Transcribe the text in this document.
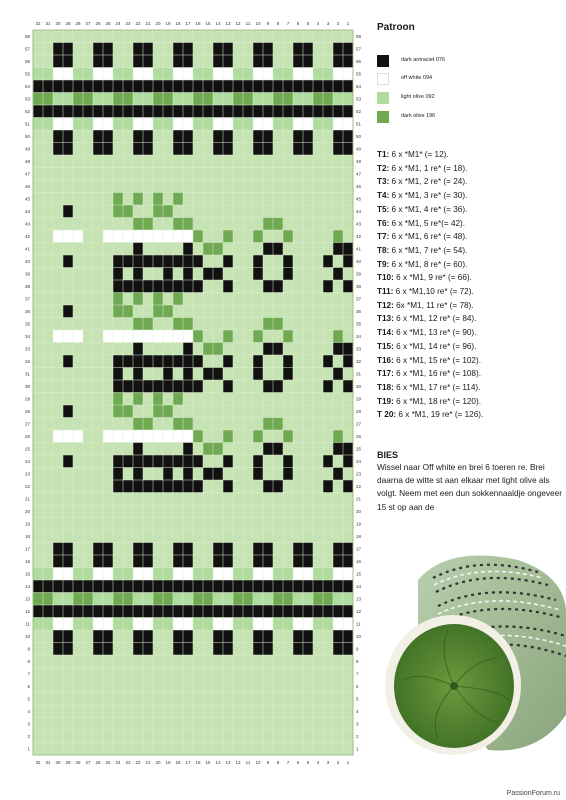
1
1
2
2
3
3
4
4
5
5
6
6
7
7
8
8
9
9
10
10
11
11
12
12
13
13
14
14
15
15
16
16
17
17
18
18
19
19
20
20
21
21
22
22
23
23
24
24
25
25
26
26
27
27
28
28
29
29
30
30
31
31
32
32
1	1
2	2
3	3
4	4
5	5
6	6
7	7
8	8
9	9
10	10
11	11
12	12
13	13
14	14
15	15
16	16
17	17
18	18
19	19
20	20
21	21
22	22
23	23
24	24
25	25
26	26
27	27
28	28
29	29
30	30
31	31
32	32
33	33
34	34
35	35
36	36
37	37
38	38
39	39
40	40
41	41
42	42
43	43
44	44
45	45
46	46
47	47
48	48
49	49
50	50
51	51
52	52
53	53
54	54
55	55
56	56
57	57
58	58
Patroon
dark antraciet 076
off white 094
light olive 092
dark olive 196
T1: 6 x *M1* (= 12).
T2: 6 x *M1, 1 re* (= 18).
T3: 6 x *M1, 2 re* (= 24).
T4: 6 x *M1, 3 re* (= 30).
T5: 6 x *M1, 4 re* (= 36).
T6: 6 x *M1, 5 re*(= 42).
T7: 6 x *M1, 6 re* (= 48).
T8: 6 x *M1, 7 re* (= 54).
T9: 6 x *M1, 8 re* (= 60).
T10: 6 x *M1, 9 re* (= 66).
T11: 6 x *M1,10 re* (= 72).
T12: 6x *M1, 11 re* (= 78).
T13: 6 x *M1, 12 re* (= 84).
T14: 6 x *M1, 13 re* (= 90).
T15: 6 x *M1, 14 re* (= 96).
T16: 6 x *M1, 15 re* (= 102).
T17: 6 x *M1, 16 re* (= 108).
T18: 6 x *M1, 17 re* (= 114).
T19: 6 x *M1, 18 re* (= 120).
T 20: 6 x *M1, 19 re* (= 126).
BIES
Wissel naar Off white en brei 6 toeren re. Brei daarna de witte st aan elkaar met light olive als volgt. Neem met een dun sokkennaaldje ongeveer 15 st op aan de
PassionForum.ru
